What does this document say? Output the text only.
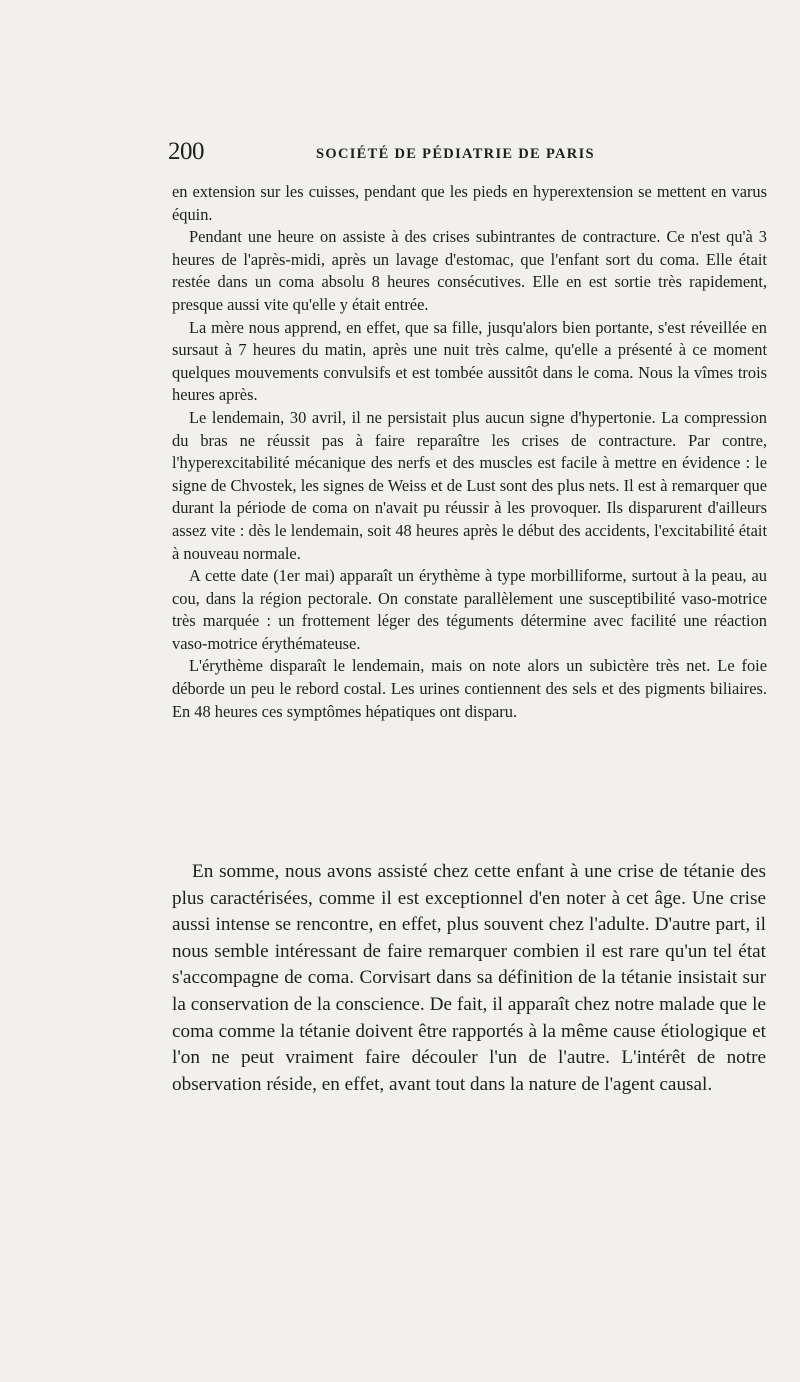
200	SOCIÉTÉ DE PÉDIATRIE DE PARIS

en extension sur les cuisses, pendant que les pieds en hyperextension se mettent en varus équin.

Pendant une heure on assiste à des crises subintrantes de contracture. Ce n'est qu'à 3 heures de l'après-midi, après un lavage d'estomac, que l'enfant sort du coma. Elle était restée dans un coma absolu 8 heures consécutives. Elle en est sortie très rapidement, presque aussi vite qu'elle y était entrée.

La mère nous apprend, en effet, que sa fille, jusqu'alors bien portante, s'est réveillée en sursaut à 7 heures du matin, après une nuit très calme, qu'elle a présenté à ce moment quelques mouvements convulsifs et est tombée aussitôt dans le coma. Nous la vîmes trois heures après.

Le lendemain, 30 avril, il ne persistait plus aucun signe d'hypertonie. La compression du bras ne réussit pas à faire reparaître les crises de contracture. Par contre, l'hyperexcitabilité mécanique des nerfs et des muscles est facile à mettre en évidence : le signe de Chvostek, les signes de Weiss et de Lust sont des plus nets. Il est à remarquer que durant la période de coma on n'avait pu réussir à les provoquer. Ils disparurent d'ailleurs assez vite : dès le lendemain, soit 48 heures après le début des accidents, l'excitabilité était à nouveau normale.

A cette date (1er mai) apparaît un érythème à type morbilliforme, surtout à la peau, au cou, dans la région pectorale. On constate parallèlement une susceptibilité vaso-motrice très marquée : un frottement léger des téguments détermine avec facilité une réaction vaso-motrice érythémateuse.

L'érythème disparaît le lendemain, mais on note alors un subictère très net. Le foie déborde un peu le rebord costal. Les urines contiennent des sels et des pigments biliaires. En 48 heures ces symptômes hépatiques ont disparu.

En somme, nous avons assisté chez cette enfant à une crise de tétanie des plus caractérisées, comme il est exceptionnel d'en noter à cet âge. Une crise aussi intense se rencontre, en effet, plus souvent chez l'adulte. D'autre part, il nous semble intéressant de faire remarquer combien il est rare qu'un tel état s'accompagne de coma. Corvisart dans sa définition de la tétanie insistait sur la conservation de la conscience. De fait, il apparaît chez notre malade que le coma comme la tétanie doivent être rapportés à la même cause étiologique et l'on ne peut vraiment faire découler l'un de l'autre. L'intérêt de notre observation réside, en effet, avant tout dans la nature de l'agent causal.
